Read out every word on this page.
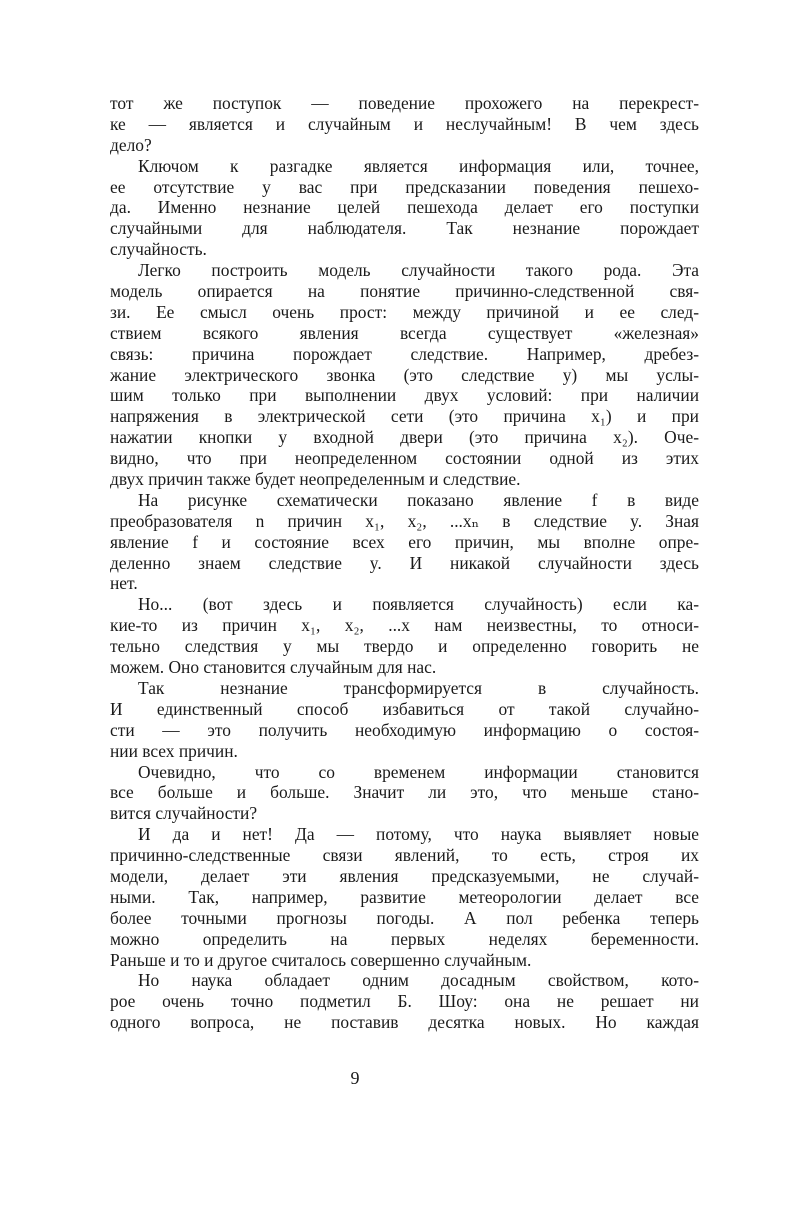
тот же поступок — поведение прохожего на перекрест-
ке — является и случайным и неслучайным! В чем здесь
дело?
Ключом к разгадке является информация или, точнее,
ее отсутствие у вас при предсказании поведения пешехо-
да. Именно незнание целей пешехода делает его поступки
случайными для наблюдателя. Так незнание порождает
случайность.
Легко построить модель случайности такого рода. Эта
модель опирается на понятие причинно-следственной свя-
зи. Ее смысл очень прост: между причиной и ее след-
ствием всякого явления всегда существует «железная»
связь: причина порождает следствие. Например, дребез-
жание электрического звонка (это следствие y) мы услы-
шим только при выполнении двух условий: при наличии
напряжения в электрической сети (это причина x₁) и при
нажатии кнопки у входной двери (это причина x₂). Оче-
видно, что при неопределенном состоянии одной из этих
двух причин также будет неопределенным и следствие.
На рисунке схематически показано явление f в виде
преобразователя n причин x₁, x₂, ...xₙ в следствие y. Зная
явление f и состояние всех его причин, мы вполне опре-
деленно знаем следствие y. И никакой случайности здесь
нет.
Но... (вот здесь и появляется случайность) если ка-
кие-то из причин x₁, x₂, ...x нам неизвестны, то относи-
тельно следствия y мы твердо и определенно говорить не
можем. Оно становится случайным для нас.
Так незнание трансформируется в случайность.
И единственный способ избавиться от такой случайно-
сти — это получить необходимую информацию о состоя-
нии всех причин.
Очевидно, что со временем информации становится
все больше и больше. Значит ли это, что меньше стано-
вится случайности?
И да и нет! Да — потому, что наука выявляет новые
причинно-следственные связи явлений, то есть, строя их
модели, делает эти явления предсказуемыми, не случай-
ными. Так, например, развитие метеорологии делает все
более точными прогнозы погоды. А пол ребенка теперь
можно определить на первых неделях беременности.
Раньше и то и другое считалось совершенно случайным.
Но наука обладает одним досадным свойством, кото-
рое очень точно подметил Б. Шоу: она не решает ни
одного вопроса, не поставив десятка новых. Но каждая
9
